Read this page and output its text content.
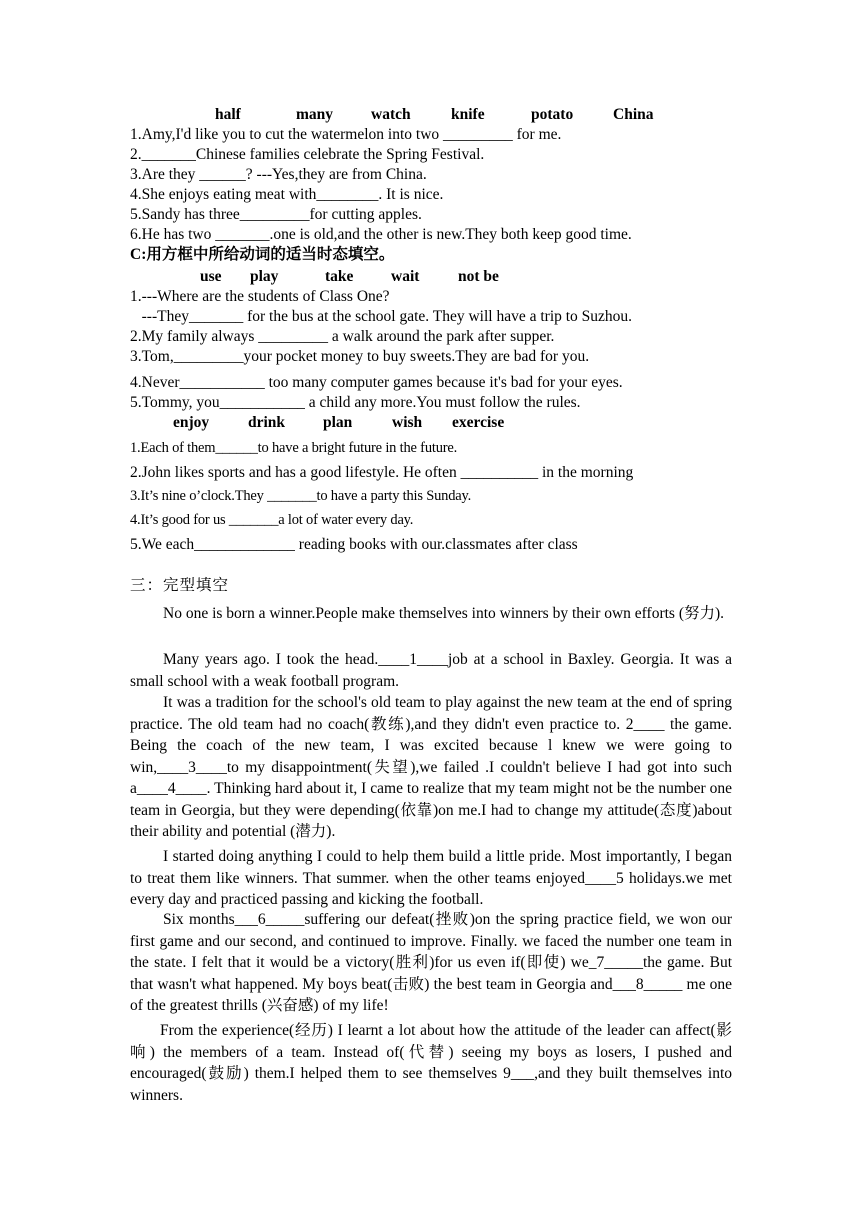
half	many watch	knife	potato	China
1.Amy,I'd like you to cut the watermelon into two _________ for me.
2._______Chinese families celebrate the Spring Festival.
3.Are they ______? ---Yes,they are from China.
4.She enjoys eating meat with________. It is nice.
5.Sandy has three_________for cutting apples.
6.He has two _______.one is old,and the other is new.They both keep good time.
C:用方框中所给动词的适当时态填空。
use play	take wait not be
1.---Where are the students of Class One?
---They_______ for the bus at the school gate. They will have a trip to Suzhou.
2.My family always _________ a walk around the park after supper.
3.Tom,_________your pocket money to buy sweets.They are bad for you.
4.Never___________ too many computer games because it's bad for your eyes.
5.Tommy, you___________ a child any more.You must follow the rules.
enjoy	drink plan	wish exercise
1.Each of them______to have a bright future in the future.
2.John likes sports and has a good lifestyle. He often __________ in the morning
3.It’s nine o’clock.They _______to have a party this Sunday.
4.It’s good for us _______a lot of water every day.
5.We each_____________ reading books with our.classmates after class
三：完型填空
No one is born a winner.People make themselves into winners by their own efforts (努力).
Many years ago. I took the head.____1____job at a school in Baxley. Georgia. It was a small school with a weak football program.
It was a tradition for the school's old team to play against the new team at the end of spring practice. The old team had no coach(教练),and they didn't even practice to. 2____ the game. Being the coach of the new team, I was excited because l knew we were going to win,____3____to my disappointment(失望),we failed .I couldn't believe I had got into such a____4____. Thinking hard about it, I came to realize that my team might not be the number one team in Georgia, but they were depending(依靠)on me.I had to change my attitude(态度)about their ability and potential (潜力).
I started doing anything I could to help them build a little pride. Most importantly, I began to treat them like winners. That summer. when the other teams enjoyed____5 holidays.we met every day and practiced passing and kicking the football.
Six months___6_____suffering our defeat(挫败)on the spring practice field, we won our first game and our second, and continued to improve. Finally. we faced the number one team in the state. I felt that it would be a victory(胜利)for us even if(即使) we_7_____the game. But that wasn't what happened. My boys beat(击败) the best team in Georgia and___8_____ me one of the greatest thrills (兴奋感) of my life!
From the experience(经历) I learnt a lot about how the attitude of the leader can affect(影响) the members of a team. Instead of(代替) seeing my boys as losers, I pushed and encouraged(鼓励) them.I helped them to see themselves 9___,and they built themselves into winners.
